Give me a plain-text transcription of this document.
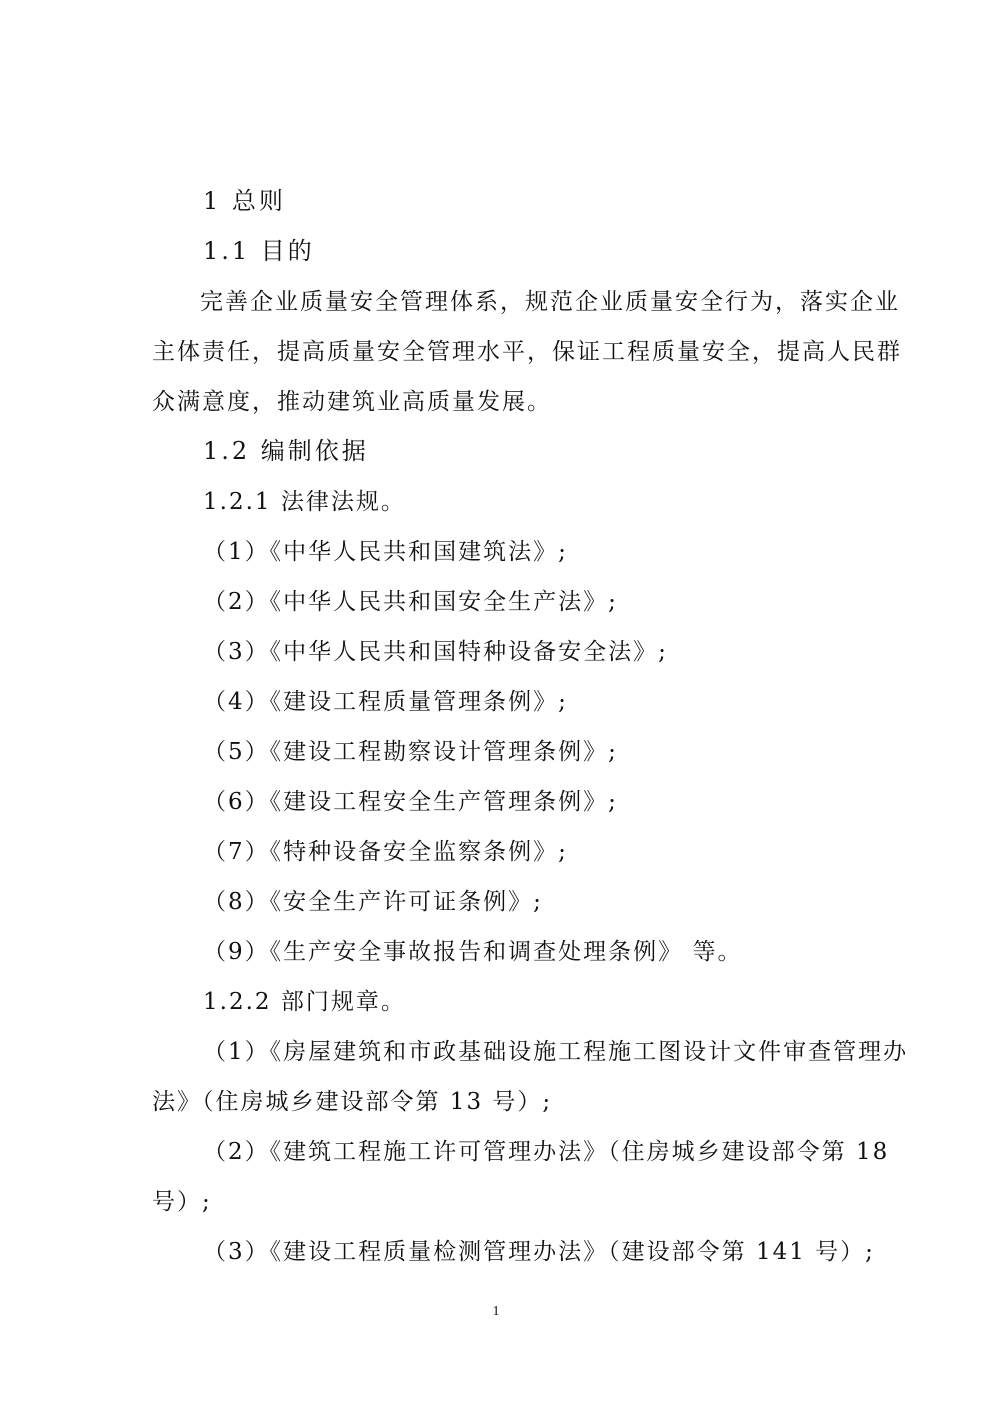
1 总则
1.1 目的
完善企业质量安全管理体系，规范企业质量安全行为，落实企业
主体责任，提高质量安全管理水平，保证工程质量安全，提高人民群
众满意度，推动建筑业高质量发展。
1.2 编制依据
1.2.1 法律法规。
（1）《中华人民共和国建筑法》;
（2）《中华人民共和国安全生产法》;
（3）《中华人民共和国特种设备安全法》;
（4）《建设工程质量管理条例》;
（5）《建设工程勘察设计管理条例》;
（6）《建设工程安全生产管理条例》;
（7）《特种设备安全监察条例》;
（8）《安全生产许可证条例》;
（9）《生产安全事故报告和调查处理条例》 等。
1.2.2 部门规章。
（1）《房屋建筑和市政基础设施工程施工图设计文件审查管理办
法》（住房城乡建设部令第 13 号）;
（2）《建筑工程施工许可管理办法》（住房城乡建设部令第 18
号）;
（3）《建设工程质量检测管理办法》（建设部令第 141 号）;
1
